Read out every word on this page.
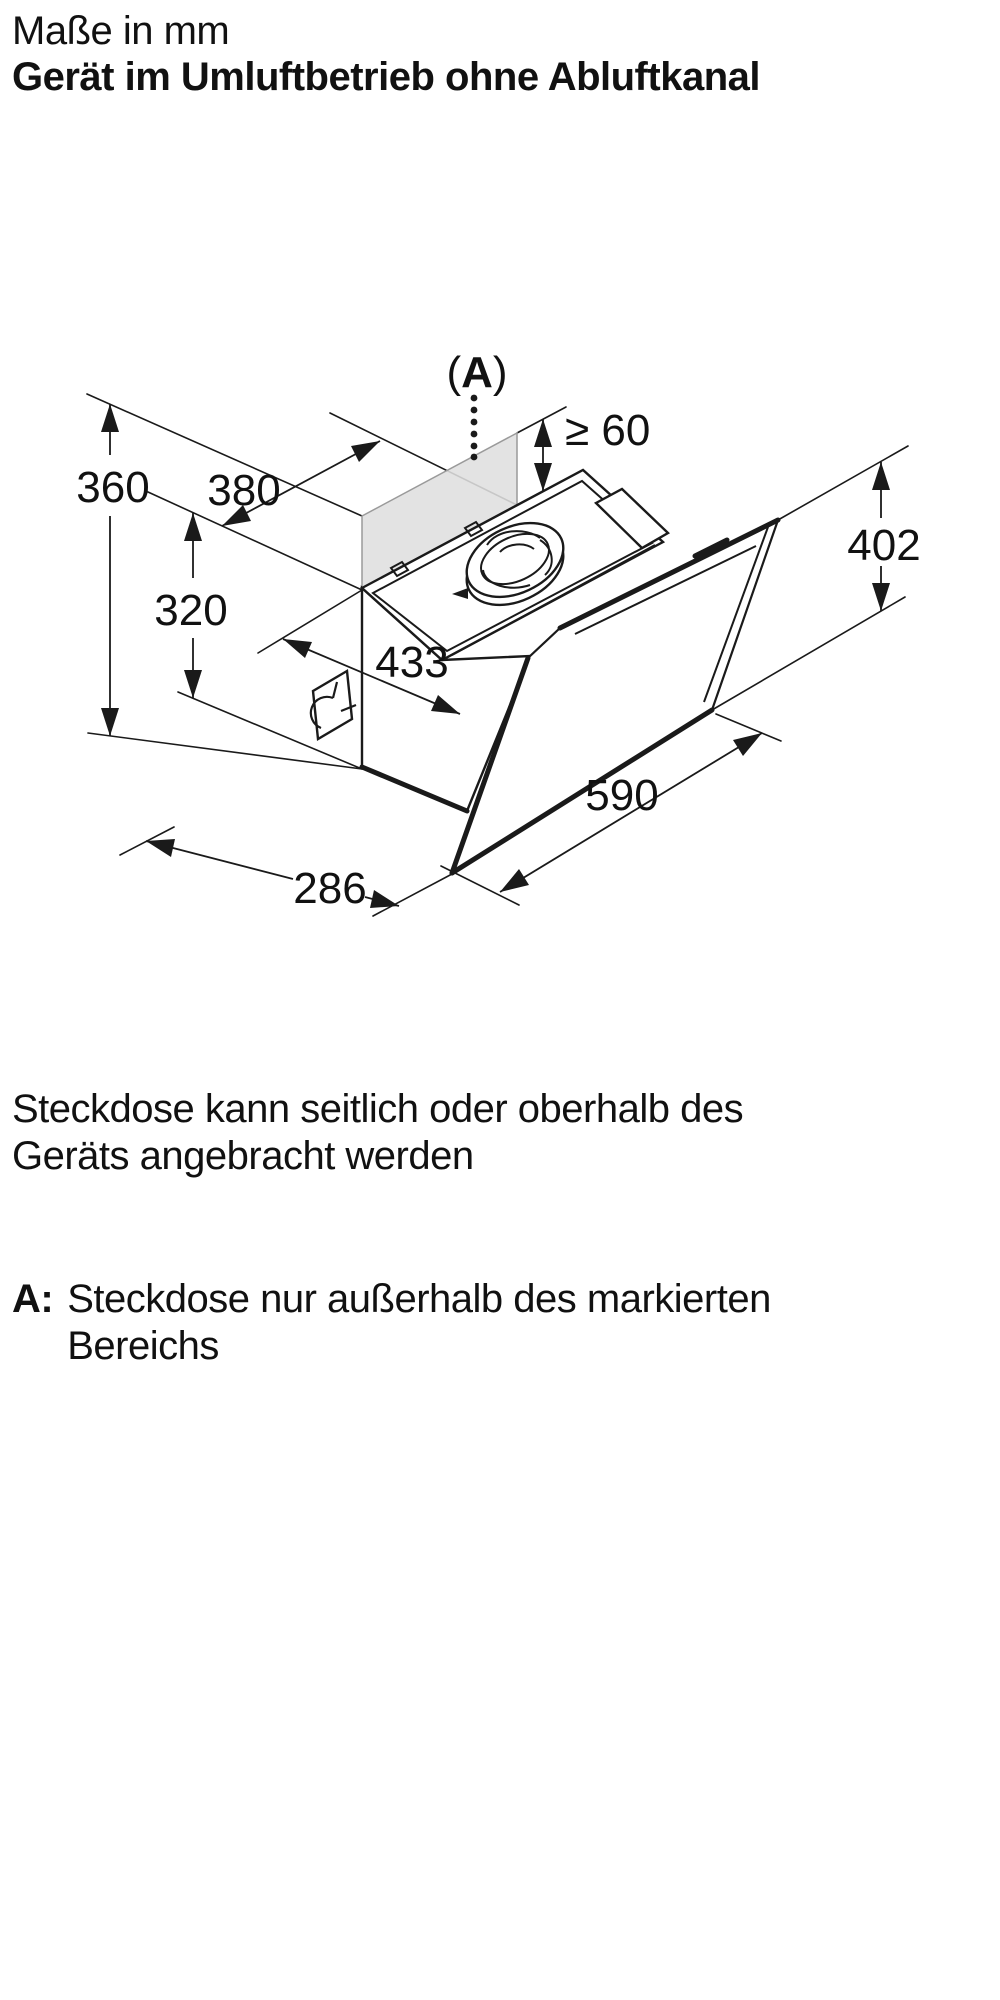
Maße in mm
Gerät im Umluftbetrieb ohne Abluftkanal
360 380
320
433
590
286
402
≥ 60
(A)
Steckdose kann seitlich oder oberhalb des
Geräts angebracht werden
A: Steckdose nur außerhalb des markierten
Bereichs
